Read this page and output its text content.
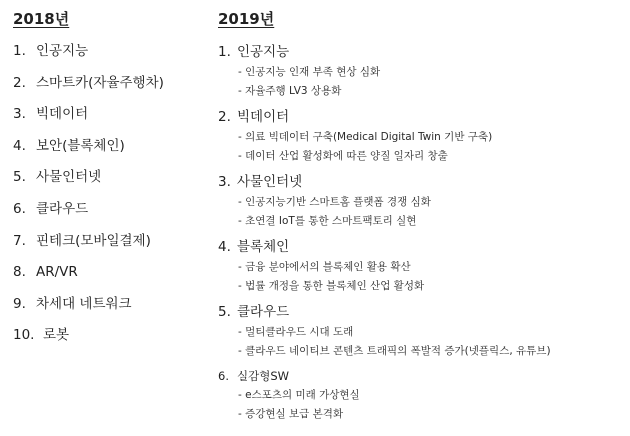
2018년
1. 인공지능
2. 스마트카(자율주행차)
3. 빅데이터
4. 보안(블록체인)
5. 사물인터넷
6. 클라우드
7. 핀테크(모바일결제)
8. AR/VR
9. 차세대 네트워크
10. 로봇
2019년
1. 인공지능
- 인공지능 인재 부족 현상 심화
- 자율주행 LV3 상용화
2. 빅데이터
- 의료 빅데이터 구축(Medical Digital Twin 기반 구축)
- 데이터 산업 활성화에 따른 양질 일자리 창출
3. 사물인터넷
- 인공지능기반 스마트홈 플랫폼 경쟁 심화
- 초연결 IoT를 통한 스마트팩토리 실현
4. 블록체인
- 금융 분야에서의 블록체인 활용 확산
- 법률 개정을 통한 블록체인 산업 활성화
5. 클라우드
- 멀티클라우드 시대 도래
- 클라우드 네이티브 콘텐츠 트래픽의 폭발적 증가(넷플릭스, 유튜브)
6. 실감형SW
- e스포츠의 미래 가상현실
- 증강현실 보급 본격화
